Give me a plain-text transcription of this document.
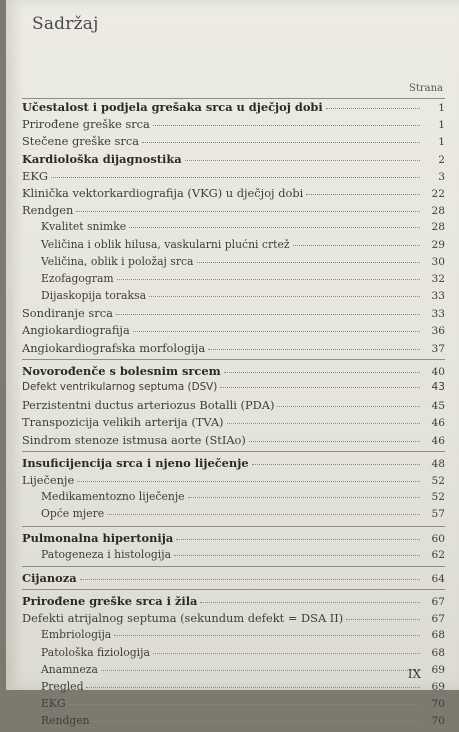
Sadržaj
Strana
Učestalost i podjela grešaka srca u dječjoj dobi	1
Prirođene greške srca	1
Stečene greške srca	1
Kardiološka dijagnostika	2
EKG	3
Klinička vektorkardiografija (VKG) u dječjoj dobi	22
Rendgen	28
Kvalitet snimke	28
Veličina i oblik hilusa, vaskularni plućni crtež	29
Veličina, oblik i položaj srca	30
Ezofagogram	32
Dijaskopija toraksa	33
Sondiranje srca	33
Angiokardiografija	36
Angiokardiografska morfologija	37
Novorođenče s bolesnim srcem	40
Defekt ventrikularnog septuma (DSV)	43
Perzistentni ductus arteriozus Botalli (PDA)	45
Transpozicija velikih arterija (TVA)	46
Sindrom stenoze istmusa aorte (StIAo)	46
Insuficijencija srca i njeno liječenje	48
Liječenje	52
Medikamentozno liječenje	52
Opće mjere	57
Pulmonalna hipertonija	60
Patogeneza i histologija	62
Cijanoza	64
Prirođene greške srca i žila	67
Defekti atrijalnog septuma (sekundum defekt = DSA II)	67
Embriologija	68
Patološka fiziologija	68
Anamneza	69
Pregled	69
EKG	70
Rendgen	70
IX
